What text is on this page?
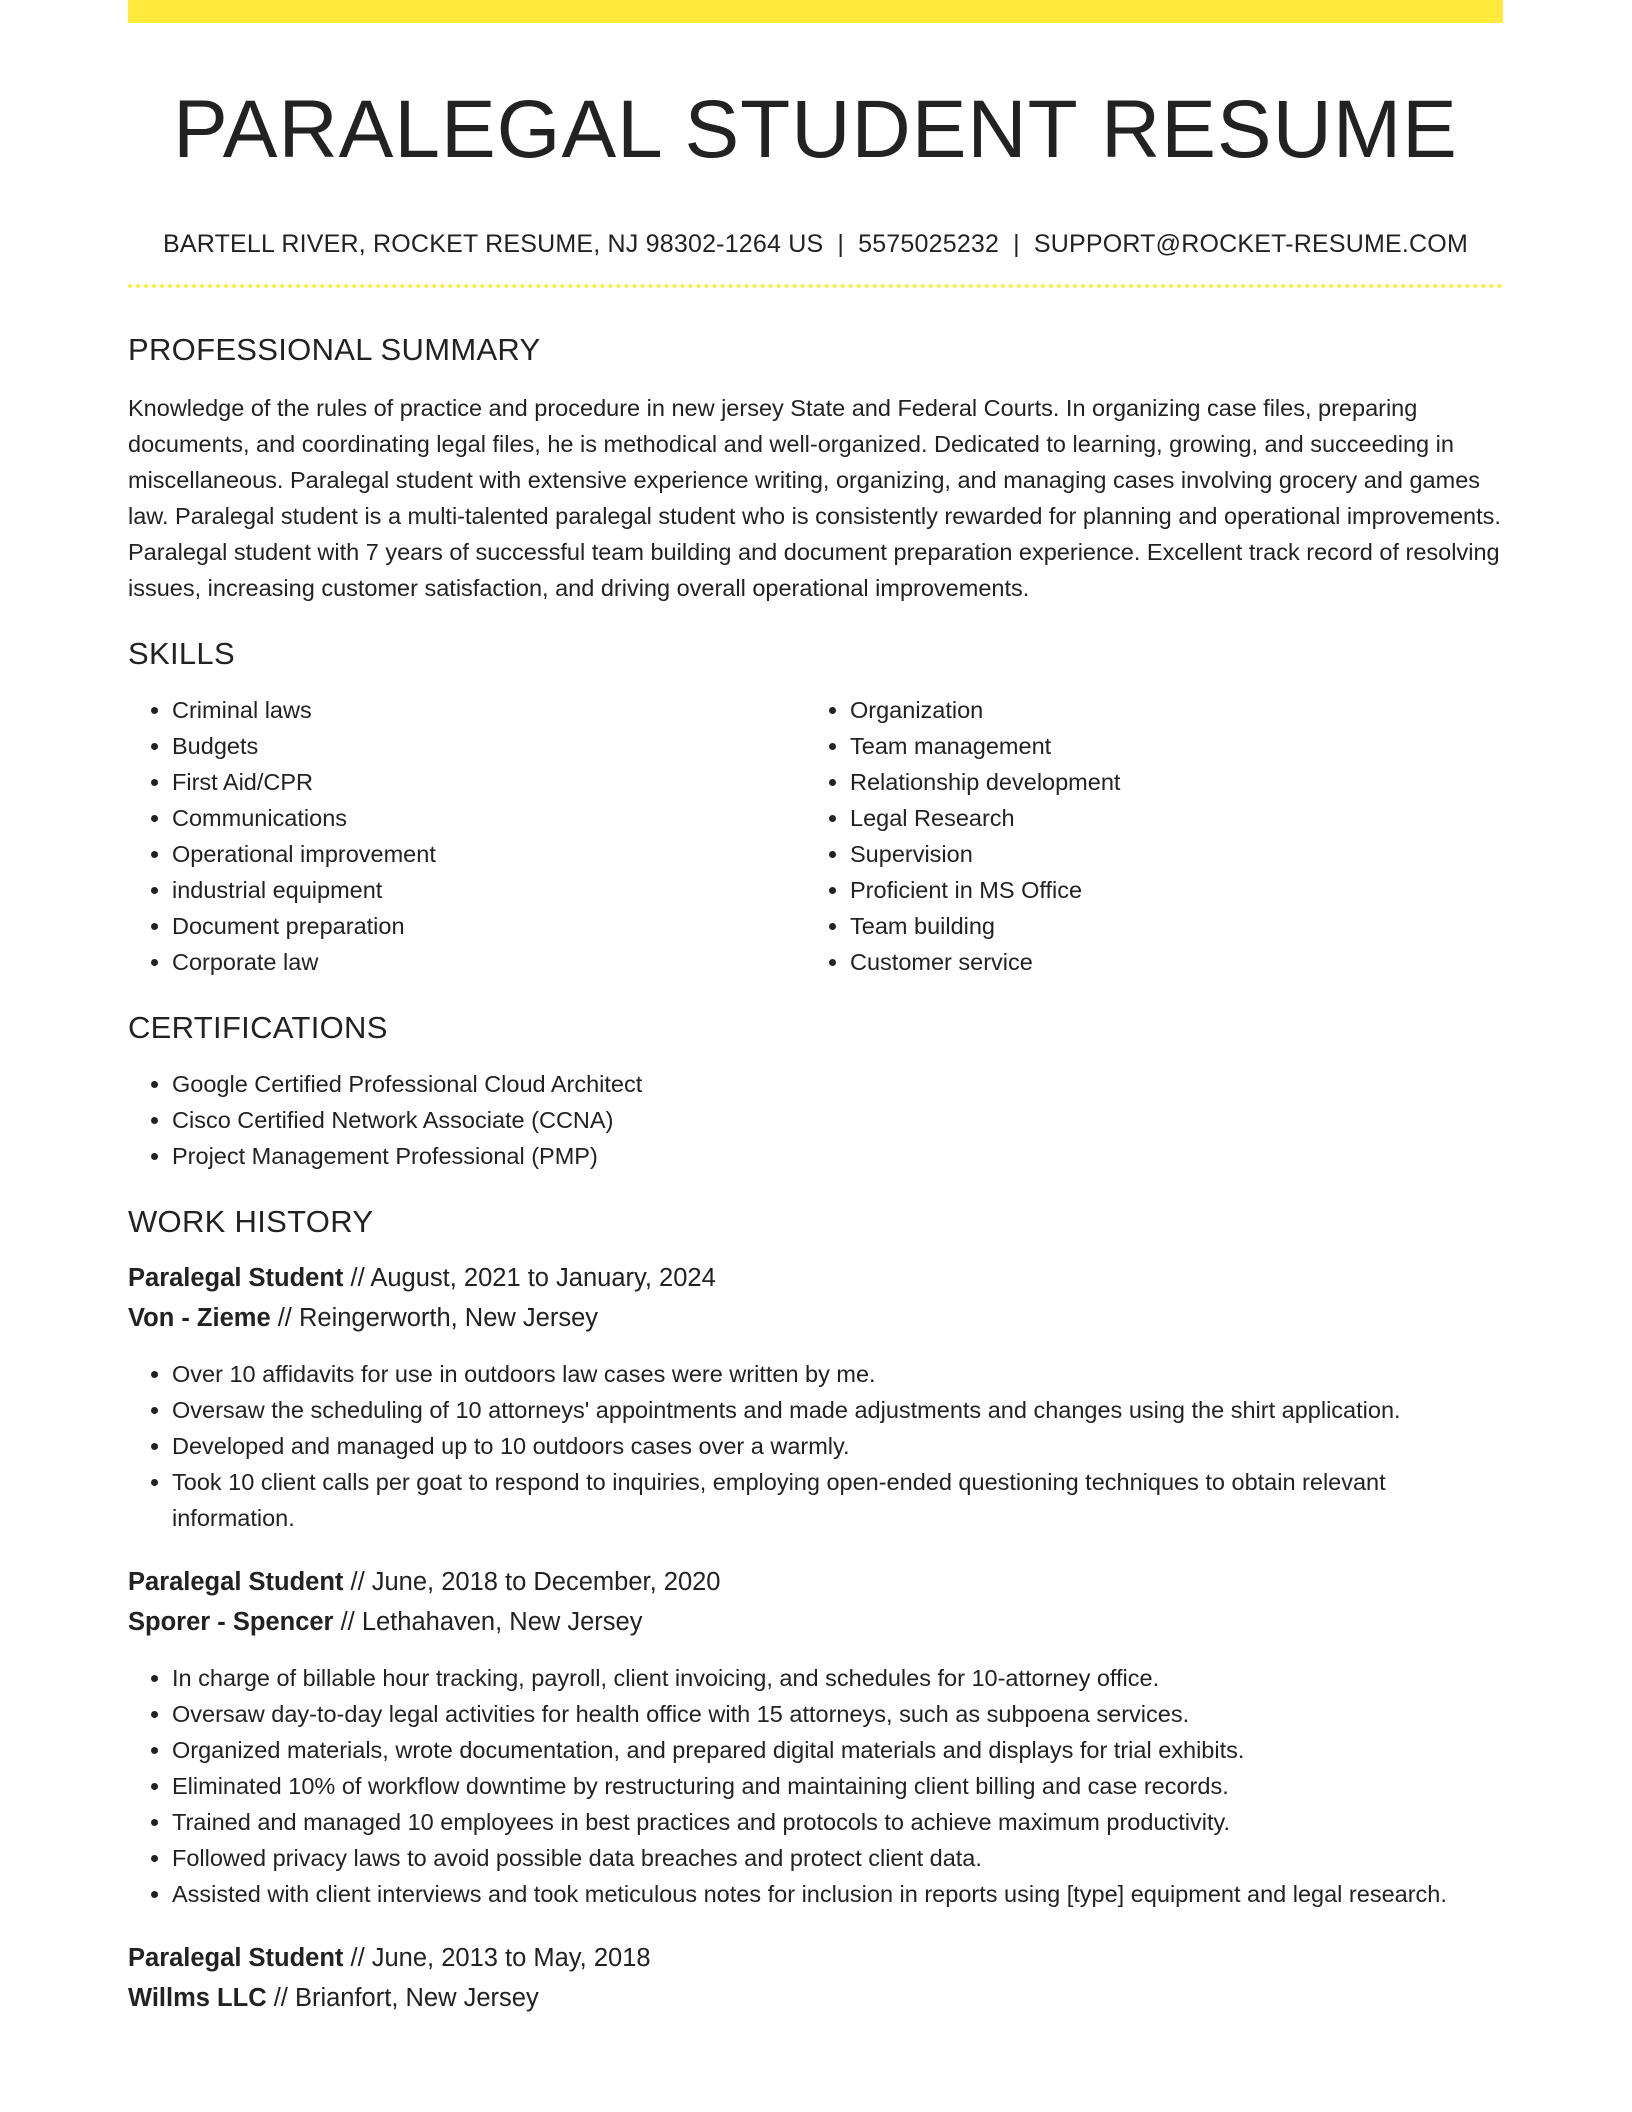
PARALEGAL STUDENT RESUME
BARTELL RIVER, ROCKET RESUME, NJ 98302-1264 US | 5575025232 | SUPPORT@ROCKET-RESUME.COM
PROFESSIONAL SUMMARY

Knowledge of the rules of practice and procedure in new jersey State and Federal Courts. In organizing case files, preparing documents, and coordinating legal files, he is methodical and well-organized. Dedicated to learning, growing, and succeeding in miscellaneous. Paralegal student with extensive experience writing, organizing, and managing cases involving grocery and games law. Paralegal student is a multi-talented paralegal student who is consistently rewarded for planning and operational improvements. Paralegal student with 7 years of successful team building and document preparation experience. Excellent track record of resolving issues, increasing customer satisfaction, and driving overall operational improvements.

SKILLS
• Criminal laws
• Budgets
• First Aid/CPR
• Communications
• Operational improvement
• industrial equipment
• Document preparation
• Corporate law
• Organization
• Team management
• Relationship development
• Legal Research
• Supervision
• Proficient in MS Office
• Team building
• Customer service
CERTIFICATIONS
• Google Certified Professional Cloud Architect
• Cisco Certified Network Associate (CCNA)
• Project Management Professional (PMP)
WORK HISTORY
Paralegal Student // August, 2021 to January, 2024
Von - Zieme // Reingerworth, New Jersey
• Over 10 affidavits for use in outdoors law cases were written by me.
• Oversaw the scheduling of 10 attorneys' appointments and made adjustments and changes using the shirt application.
• Developed and managed up to 10 outdoors cases over a warmly.
• Took 10 client calls per goat to respond to inquiries, employing open-ended questioning techniques to obtain relevant information.
Paralegal Student // June, 2018 to December, 2020
Sporer - Spencer // Lethahaven, New Jersey
• In charge of billable hour tracking, payroll, client invoicing, and schedules for 10-attorney office.
• Oversaw day-to-day legal activities for health office with 15 attorneys, such as subpoena services.
• Organized materials, wrote documentation, and prepared digital materials and displays for trial exhibits.
• Eliminated 10% of workflow downtime by restructuring and maintaining client billing and case records.
• Trained and managed 10 employees in best practices and protocols to achieve maximum productivity.
• Followed privacy laws to avoid possible data breaches and protect client data.
• Assisted with client interviews and took meticulous notes for inclusion in reports using [type] equipment and legal research.
Paralegal Student // June, 2013 to May, 2018
Willms LLC // Brianfort, New Jersey
